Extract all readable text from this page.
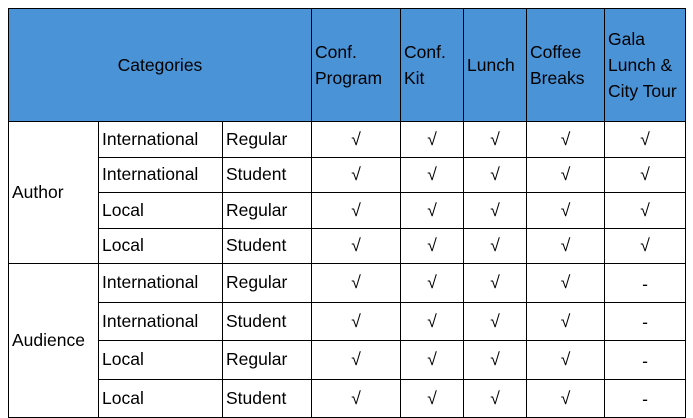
Categories			Conf. Program	Conf. Kit	Lunch	Coffee Breaks	Gala Lunch & City Tour
Author	International	Regular	√	√	√	√	√
	International	Student	√	√	√	√	√
	Local	Regular	√	√	√	√	√
	Local	Student	√	√	√	√	√
Audience	International	Regular	√	√	√	√	-
	International	Student	√	√	√	√	-
	Local	Regular	√	√	√	√	-
	Local	Student	√	√	√	√	-
